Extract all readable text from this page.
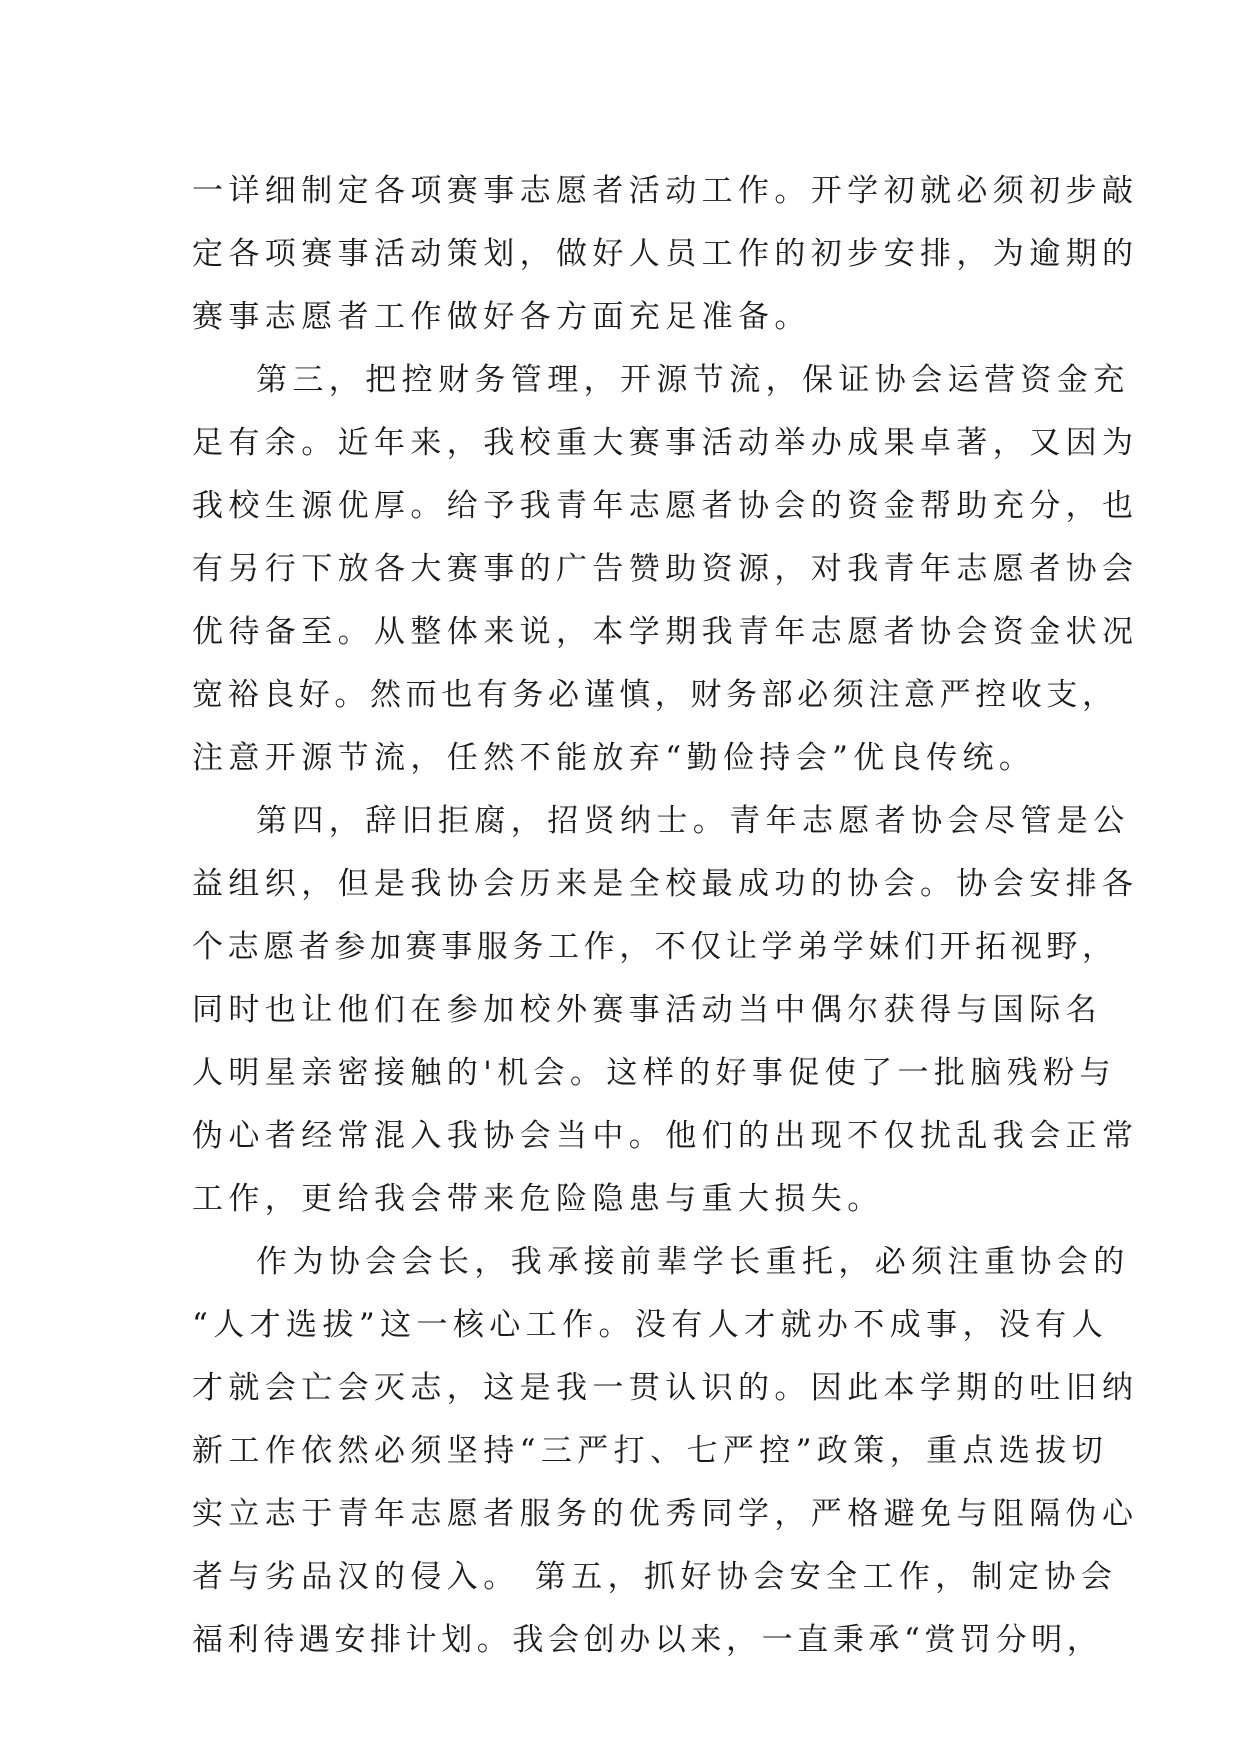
一详细制定各项赛事志愿者活动工作。开学初就必须初步敲
定各项赛事活动策划，做好人员工作的初步安排，为逾期的
赛事志愿者工作做好各方面充足准备。
第三，把控财务管理，开源节流，保证协会运营资金充
足有余。近年来，我校重大赛事活动举办成果卓著，又因为
我校生源优厚。给予我青年志愿者协会的资金帮助充分，也
有另行下放各大赛事的广告赞助资源，对我青年志愿者协会
优待备至。从整体来说，本学期我青年志愿者协会资金状况
宽裕良好。然而也有务必谨慎，财务部必须注意严控收支，
注意开源节流，任然不能放弃“勤俭持会”优良传统。
第四，辞旧拒腐，招贤纳士。青年志愿者协会尽管是公
益组织，但是我协会历来是全校最成功的协会。协会安排各
个志愿者参加赛事服务工作，不仅让学弟学妹们开拓视野，
同时也让他们在参加校外赛事活动当中偶尔获得与国际名
人明星亲密接触的'机会。这样的好事促使了一批脑残粉与
伪心者经常混入我协会当中。他们的出现不仅扰乱我会正常
工作，更给我会带来危险隐患与重大损失。
作为协会会长，我承接前辈学长重托，必须注重协会的
“人才选拔”这一核心工作。没有人才就办不成事，没有人
才就会亡会灭志，这是我一贯认识的。因此本学期的吐旧纳
新工作依然必须坚持“三严打、七严控”政策，重点选拔切
实立志于青年志愿者服务的优秀同学，严格避免与阻隔伪心
者与劣品汉的侵入。 第五，抓好协会安全工作，制定协会
福利待遇安排计划。我会创办以来，一直秉承“赏罚分明，
